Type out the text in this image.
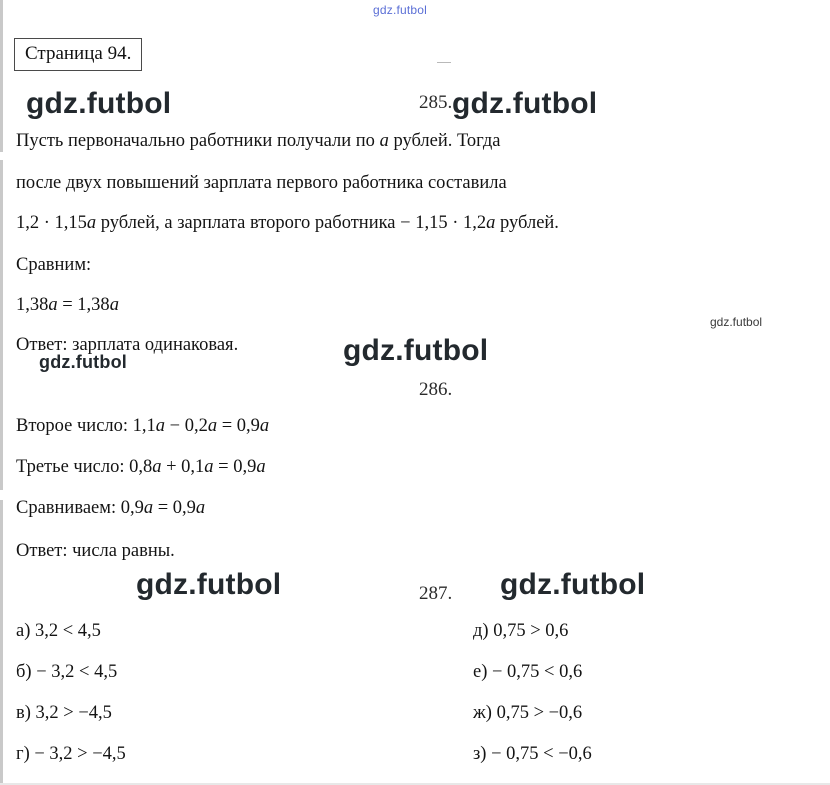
gdz.futbol
Страница 94.
gdz.futbol	285. gdz.futbol
Пусть первоначально работники получали по a рублей. Тогда
после двух повышений зарплата первого работника составила
1,2 · 1,15a рублей, а зарплата второго работника − 1,15 · 1,2a рублей.
Сравним:
1,38a = 1,38a
Ответ: зарплата одинаковая.
gdz.futbol
gdz.futbol
gdz.futbol
286.
Второе число: 1,1a − 0,2a = 0,9a
Третье число: 0,8a + 0,1a = 0,9a
Сравниваем: 0,9a = 0,9a
Ответ: числа равны.
gdz.futbol	287. gdz.futbol
а) 3,2 < 4,5
б) − 3,2 < 4,5
в) 3,2 > −4,5
г) − 3,2 > −4,5
д) 0,75 > 0,6
е) − 0,75 < 0,6
ж) 0,75 > −0,6
з) − 0,75 < −0,6
